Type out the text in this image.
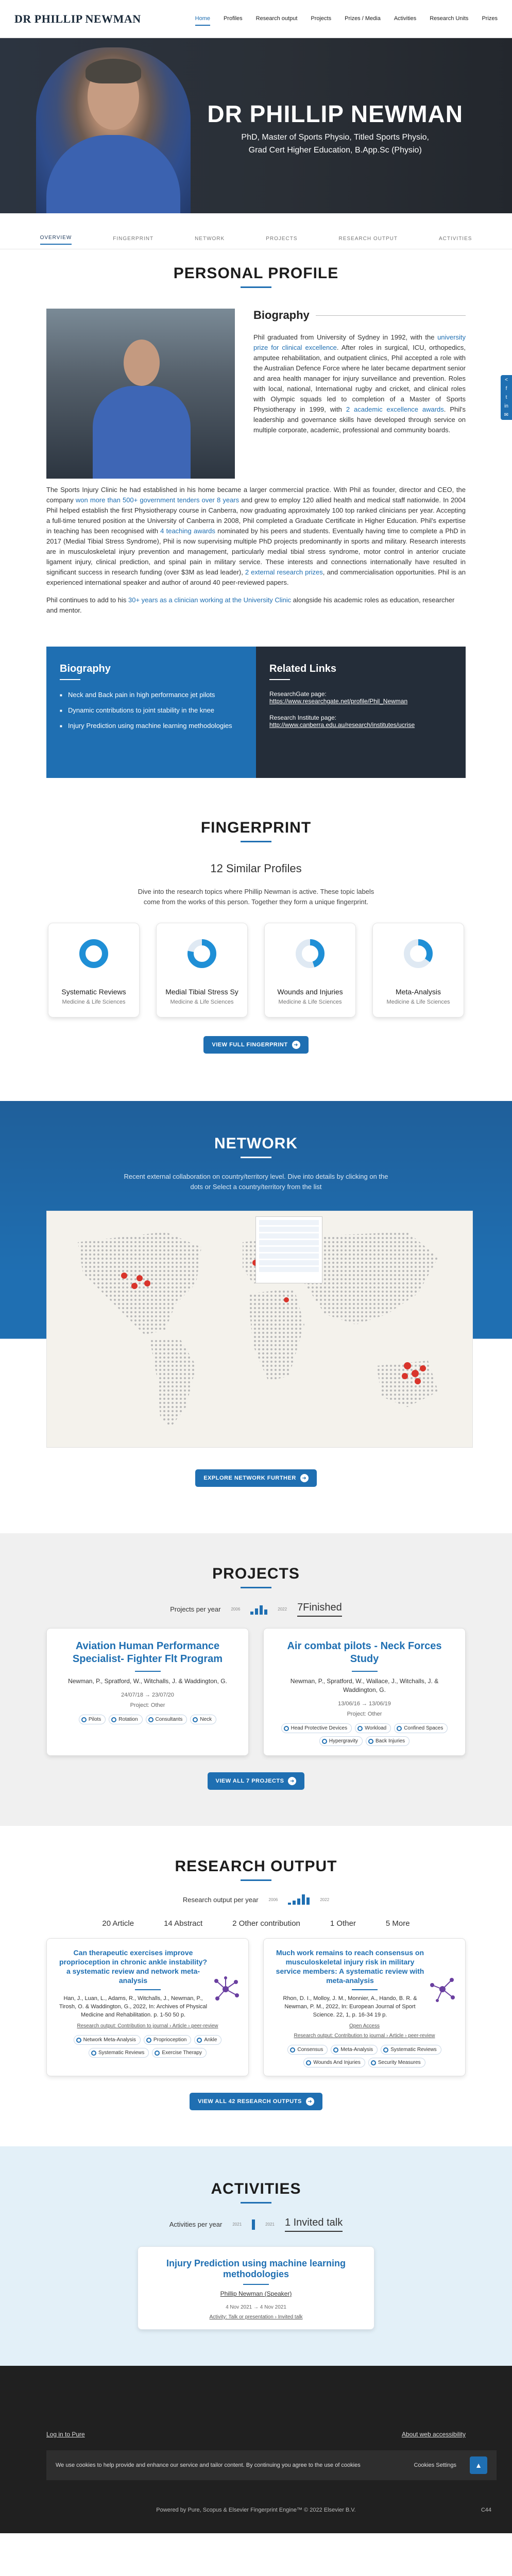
DR PHILLIP NEWMAN	Home Profiles Research output Projects Prizes / Media Activities Research Units Prizes
DR PHILLIP NEWMAN
PhD, Master of Sports Physio, Titled Sports Physio,
Grad Cert Higher Education, B.App.Sc (Physio)
OVERVIEW	FINGERPRINT	NETWORK	PROJECTS	RESEARCH OUTPUT	ACTIVITIES
<
f
t
in
✉
PERSONAL PROFILE
Biography
Phil graduated from University of Sydney in 1992, with the university prize for clinical excellence. After roles in surgical, ICU, orthopedics, amputee rehabilitation, and outpatient clinics, Phil accepted a role with the Australian Defence Force where he later became department senior and area health manager for injury surveillance and prevention. Roles with local, national, International rugby and cricket, and clinical roles with Olympic squads led to completion of a Master of Sports Physiotherapy in 1999, with 2 academic excellence awards. Phil's leadership and governance skills have developed through service on multiple corporate, academic, professional and community boards.
The Sports Injury Clinic he had established in his home became a larger commercial practice. With Phil as founder, director and CEO, the company won more than 500+ government tenders over 8 years and grew to employ 120 allied health and medical staff nationwide. In 2004 Phil helped establish the first Physiotherapy course in Canberra, now graduating approximately 100 top ranked clinicians per year. Accepting a full-time tenured position at the University of Canberra in 2008, Phil completed a Graduate Certificate in Higher Education. Phil's expertise in teaching has been recognised with 4 teaching awards nominated by his peers and students. Eventually having time to complete a PhD in 2017 (Medial Tibial Stress Syndrome), Phil is now supervising multiple PhD projects predominantly in sports and military. Research interests are in musculoskeletal injury prevention and management, particularly medial tibial stress syndrome, motor control in anterior cruciate ligament injury, clinical prediction, and spinal pain in military service. These interests and connections internationally have resulted in significant success in research funding (over $3M as lead leader), 2 external research prizes, and commercialisation opportunities. Phil is an experienced international speaker and author of around 40 peer-reviewed papers.
Phil continues to add to his 30+ years as a clinician working at the University Clinic alongside his academic roles as education, researcher and mentor.
Biography
■ Neck and Back pain in high performance jet pilots
■ Dynamic contributions to joint stability in the knee
■ Injury Prediction using machine learning methodologies
Related Links
ResearchGate page:
https://www.researchgate.net/profile/Phil_Newman
Research Institute page:
http://www.canberra.edu.au/research/institutes/ucrise
FINGERPRINT
12 Similar Profiles
Dive into the research topics where Phillip Newman is active. These topic labels come from the works of this person. Together they form a unique fingerprint.
Systematic Reviews
Medicine & Life Sciences
Medial Tibial Stress Sy
Medicine & Life Sciences
Wounds and Injuries
Medicine & Life Sciences
Meta-Analysis
Medicine & Life Sciences
VIEW FULL FINGERPRINT	➜
NETWORK
Recent external collaboration on country/territory level. Dive into details by clicking on the dots or Select a country/territory from the list
EXPLORE NETWORK FURTHER	➜
PROJECTS
Projects per year	2006	2022 7Finished
Aviation Human Performance Specialist- Fighter Flt Program
Newman, P., Spratford, W., Witchalls, J. & Waddington, G.
24/07/18 → 23/07/20
Project: Other
Pilots	Rotation	Consultants	Neck
Air combat pilots - Neck Forces Study
Newman, P., Spratford, W., Wallace, J., Witchalls, J. & Waddington, G.
13/06/16 → 13/06/19
Project: Other
Head Protective Devices	Workload	Confined Spaces
Hypergravity	Back Injuries
VIEW ALL 7 PROJECTS	➜
RESEARCH OUTPUT
Research output per year	2006	2022
20 Article	14 Abstract	2 Other contribution	1 Other	5 More
Can therapeutic exercises improve proprioception in chronic ankle instability? a systematic review and network meta-analysis
Han, J., Luan, L., Adams, R., Witchalls, J., Newman, P., Tirosh, O. & Waddington, G., 2022, In: Archives of Physical Medicine and Rehabilitation. p. 1-50 50 p.
Research output: Contribution to journal › Article › peer-review
Network Meta-Analysis	Proprioception	Ankle
Systematic Reviews	Exercise Therapy
Much work remains to reach consensus on musculoskeletal injury risk in military service members: A systematic review with meta-analysis
Rhon, D. I., Molloy, J. M., Monnier, A., Hando, B. R. & Newman, P. M., 2022, In: European Journal of Sport Science. 22, 1, p. 16-34 19 p.
Open Access
Research output: Contribution to journal › Article › peer-review
Consensus	Meta-Analysis	Systematic Reviews
Wounds And Injuries	Security Measures
VIEW ALL 42 RESEARCH OUTPUTS	➜
ACTIVITIES
Activities per year	2021	2021 1 Invited talk
Injury Prediction using machine learning methodologies
Phillip Newman (Speaker)
4 Nov 2021 → 4 Nov 2021
Activity: Talk or presentation › Invited talk
Log in to Pure	About web accessibility
We use cookies to help provide and enhance our service and tailor content. By continuing you agree to the use of cookies	Cookies Settings	▲
Powered by Pure, Scopus & Elsevier Fingerprint Engine™ © 2022 Elsevier B.V.	C44
